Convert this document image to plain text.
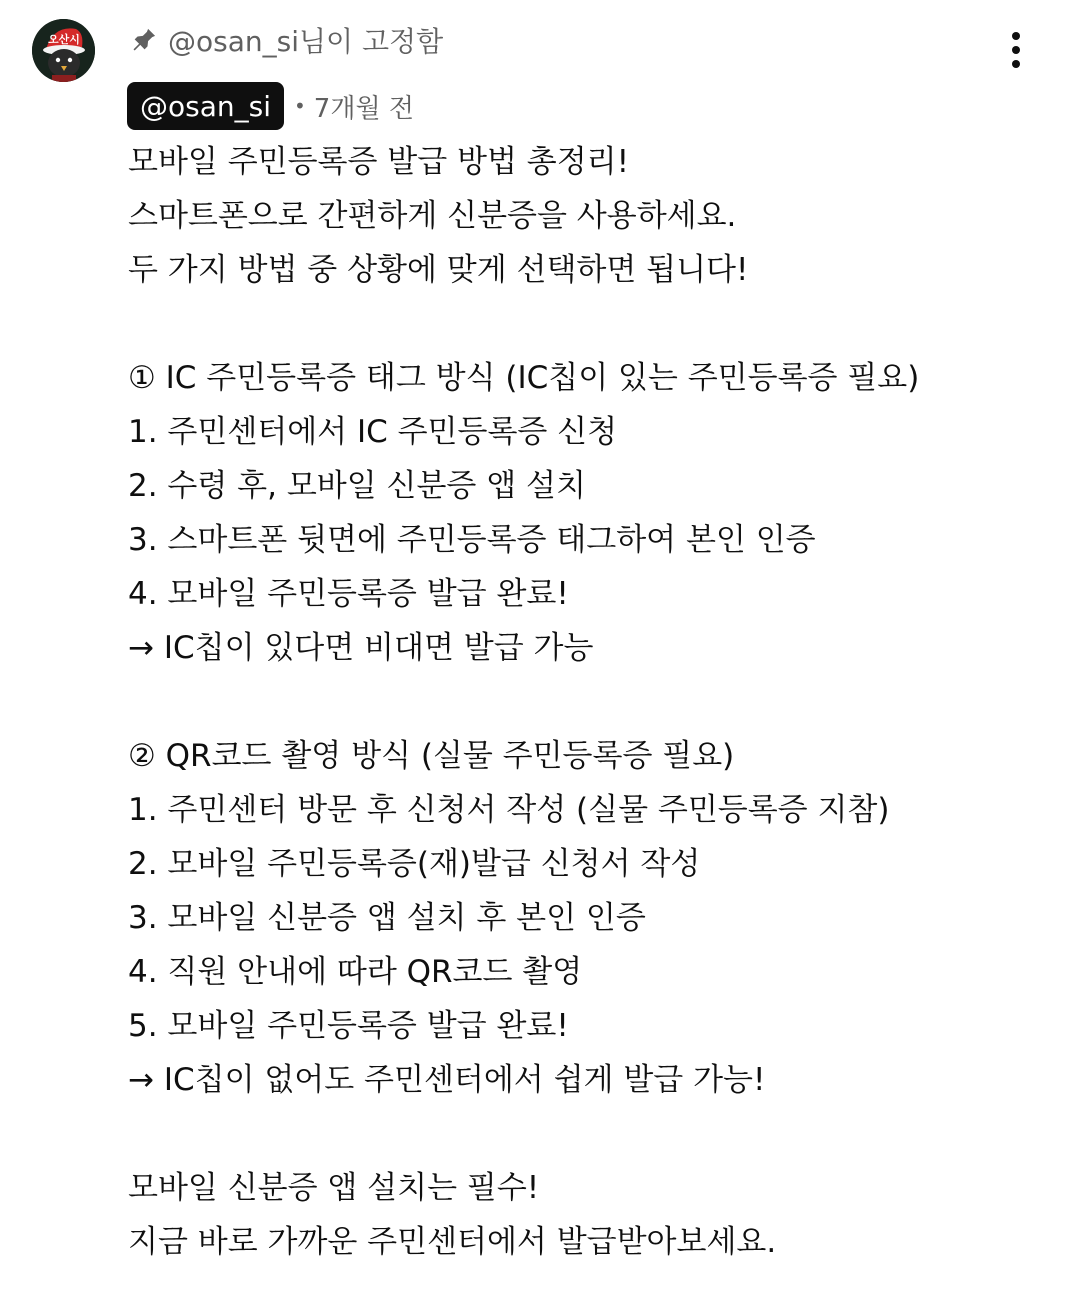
오산시	@osan_si님이 고정함
@osan_si	• 7개월 전
모바일 주민등록증 발급 방법 총정리!
스마트폰으로 간편하게 신분증을 사용하세요.
두 가지 방법 중 상황에 맞게 선택하면 됩니다!
① IC 주민등록증 태그 방식 (IC칩이 있는 주민등록증 필요)
1. 주민센터에서 IC 주민등록증 신청
2. 수령 후, 모바일 신분증 앱 설치
3. 스마트폰 뒷면에 주민등록증 태그하여 본인 인증
4. 모바일 주민등록증 발급 완료!
→ IC칩이 있다면 비대면 발급 가능
② QR코드 촬영 방식 (실물 주민등록증 필요)
1. 주민센터 방문 후 신청서 작성 (실물 주민등록증 지참)
2. 모바일 주민등록증(재)발급 신청서 작성
3. 모바일 신분증 앱 설치 후 본인 인증
4. 직원 안내에 따라 QR코드 촬영
5. 모바일 주민등록증 발급 완료!
→ IC칩이 없어도 주민센터에서 쉽게 발급 가능!
모바일 신분증 앱 설치는 필수!
지금 바로 가까운 주민센터에서 발급받아보세요.
